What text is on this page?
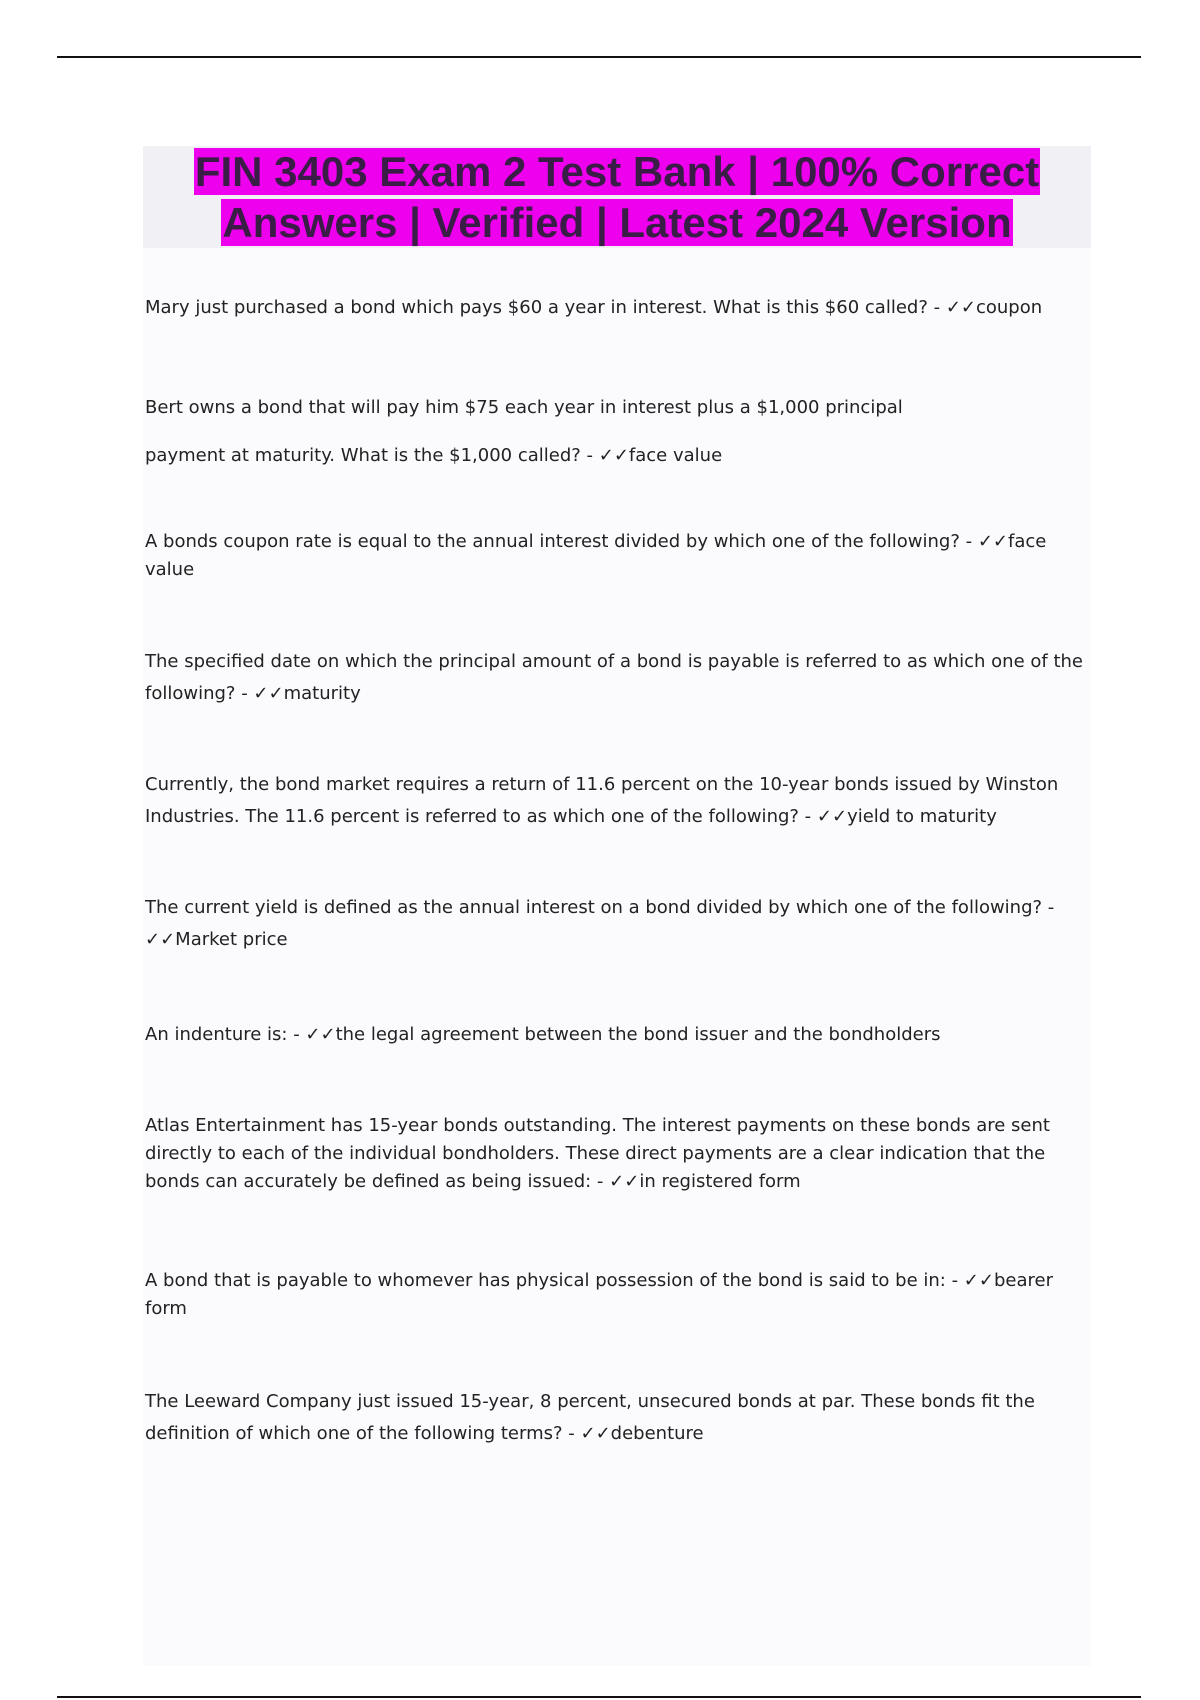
FIN 3403 Exam 2 Test Bank | 100% Correct
Answers | Verified | Latest 2024 Version

Mary just purchased a bond which pays $60 a year in interest. What is this $60 called? - ✓✓coupon

Bert owns a bond that will pay him $75 each year in interest plus a $1,000 principal payment at maturity. What is the $1,000 called? - ✓✓face value

A bonds coupon rate is equal to the annual interest divided by which one of the following? - ✓✓face value

The specified date on which the principal amount of a bond is payable is referred to as which one of the following? - ✓✓maturity

Currently, the bond market requires a return of 11.6 percent on the 10-year bonds issued by Winston Industries. The 11.6 percent is referred to as which one of the following? - ✓✓yield to maturity

The current yield is defined as the annual interest on a bond divided by which one of the following? - ✓✓Market price

An indenture is: - ✓✓the legal agreement between the bond issuer and the bondholders

Atlas Entertainment has 15-year bonds outstanding. The interest payments on these bonds are sent directly to each of the individual bondholders. These direct payments are a clear indication that the bonds can accurately be defined as being issued: - ✓✓in registered form

A bond that is payable to whomever has physical possession of the bond is said to be in: - ✓✓bearer form

The Leeward Company just issued 15-year, 8 percent, unsecured bonds at par. These bonds fit the definition of which one of the following terms? - ✓✓debenture
